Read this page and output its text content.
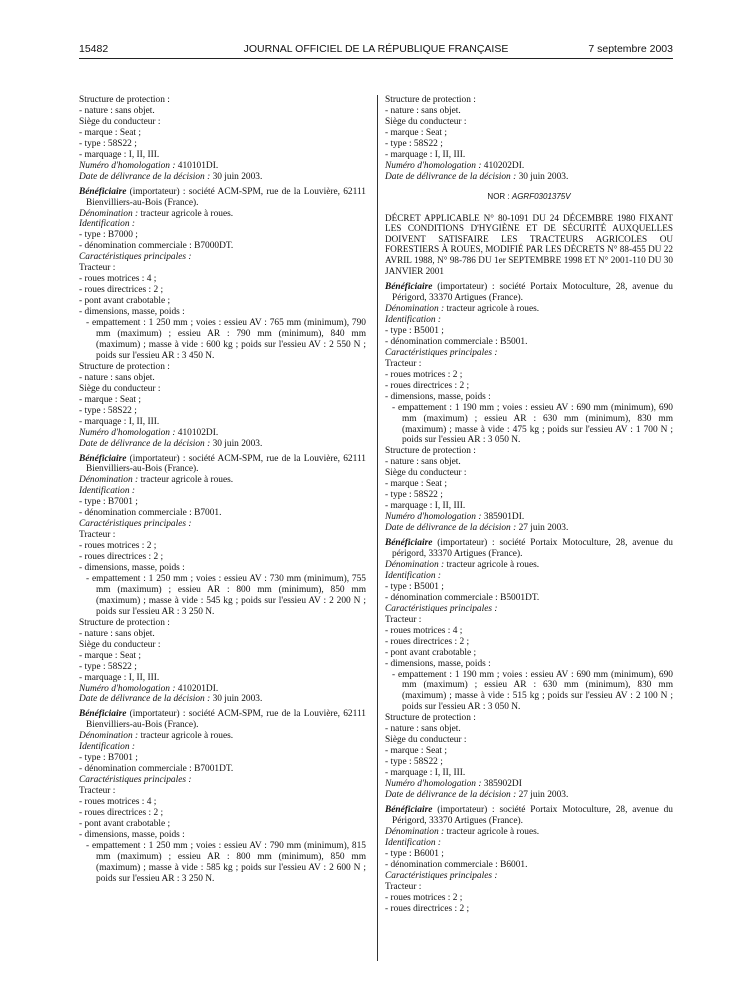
15482	JOURNAL OFFICIEL DE LA RÉPUBLIQUE FRANÇAISE	7 septembre 2003
Structure de protection :
- nature : sans objet.
Siège du conducteur :
- marque : Seat ;
- type : 58S22 ;
- marquage : I, II, III.
Numéro d'homologation : 410101DI.
Date de délivrance de la décision : 30 juin 2003.
Bénéficiaire (importateur) : société ACM-SPM, rue de la Louvière, 62111 Bienvilliers-au-Bois (France).
Dénomination : tracteur agricole à roues.
Identification :
- type : B7000 ;
- dénomination commerciale : B7000DT.
Caractéristiques principales :
Tracteur :
- roues motrices : 4 ;
- roues directrices : 2 ;
- pont avant crabotable ;
- dimensions, masse, poids :
- empattement : 1 250 mm ; voies : essieu AV : 765 mm (minimum), 790 mm (maximum) ; essieu AR : 790 mm (minimum), 840 mm (maximum) ; masse à vide : 600 kg ; poids sur l'essieu AV : 2 550 N ; poids sur l'essieu AR : 3 450 N.
Structure de protection :
- nature : sans objet.
Siège du conducteur :
- marque : Seat ;
- type : 58S22 ;
- marquage : I, II, III.
Numéro d'homologation : 410102DI.
Date de délivrance de la décision : 30 juin 2003.
Bénéficiaire (importateur) : société ACM-SPM, rue de la Louvière, 62111 Bienvilliers-au-Bois (France).
Dénomination : tracteur agricole à roues.
Identification :
- type : B7001 ;
- dénomination commerciale : B7001.
Caractéristiques principales :
Tracteur :
- roues motrices : 2 ;
- roues directrices : 2 ;
- dimensions, masse, poids :
- empattement : 1 250 mm ; voies : essieu AV : 730 mm (minimum), 755 mm (maximum) ; essieu AR : 800 mm (minimum), 850 mm (maximum) ; masse à vide : 545 kg ; poids sur l'essieu AV : 2 200 N ; poids sur l'essieu AR : 3 250 N.
Structure de protection :
- nature : sans objet.
Siège du conducteur :
- marque : Seat ;
- type : 58S22 ;
- marquage : I, II, III.
Numéro d'homologation : 410201DI.
Date de délivrance de la décision : 30 juin 2003.
Bénéficiaire (importateur) : société ACM-SPM, rue de la Louvière, 62111 Bienvilliers-au-Bois (France).
Dénomination : tracteur agricole à roues.
Identification :
- type : B7001 ;
- dénomination commerciale : B7001DT.
Caractéristiques principales :
Tracteur :
- roues motrices : 4 ;
- roues directrices : 2 ;
- pont avant crabotable ;
- dimensions, masse, poids :
- empattement : 1 250 mm ; voies : essieu AV : 790 mm (minimum), 815 mm (maximum) ; essieu AR : 800 mm (minimum), 850 mm (maximum) ; masse à vide : 585 kg ; poids sur l'essieu AV : 2 600 N ; poids sur l'essieu AR : 3 250 N.
Structure de protection :
- nature : sans objet.
Siège du conducteur :
- marque : Seat ;
- type : 58S22 ;
- marquage : I, II, III.
Numéro d'homologation : 410202DI.
Date de délivrance de la décision : 30 juin 2003.
NOR : AGRF0301375V
DÉCRET APPLICABLE N° 80-1091 DU 24 DÉCEMBRE 1980 FIXANT LES CONDITIONS D'HYGIÈNE ET DE SÉCURITÉ AUXQUELLES DOIVENT SATISFAIRE LES TRACTEURS AGRICOLES OU FORESTIERS À ROUES, MODIFIÉ PAR LES DÉCRETS N° 88-455 DU 22 AVRIL 1988, N° 98-786 DU 1er SEPTEMBRE 1998 ET N° 2001-110 DU 30 JANVIER 2001
Bénéficiaire (importateur) : société Portaix Motoculture, 28, avenue du Périgord, 33370 Artigues (France).
Dénomination : tracteur agricole à roues.
Identification :
- type : B5001 ;
- dénomination commerciale : B5001.
Caractéristiques principales :
Tracteur :
- roues motrices : 2 ;
- roues directrices : 2 ;
- dimensions, masse, poids :
- empattement : 1 190 mm ; voies : essieu AV : 690 mm (minimum), 690 mm (maximum) ; essieu AR : 630 mm (minimum), 830 mm (maximum) ; masse à vide : 475 kg ; poids sur l'essieu AV : 1 700 N ; poids sur l'essieu AR : 3 050 N.
Structure de protection :
- nature : sans objet.
Siège du conducteur :
- marque : Seat ;
- type : 58S22 ;
- marquage : I, II, III.
Numéro d'homologation : 385901DI.
Date de délivrance de la décision : 27 juin 2003.
Bénéficiaire (importateur) : société Portaix Motoculture, 28, avenue du périgord, 33370 Artigues (France).
Dénomination : tracteur agricole à roues.
Identification :
- type : B5001 ;
- dénomination commerciale : B5001DT.
Caractéristiques principales :
Tracteur :
- roues motrices : 4 ;
- roues directrices : 2 ;
- pont avant crabotable ;
- dimensions, masse, poids :
- empattement : 1 190 mm ; voies : essieu AV : 690 mm (minimum), 690 mm (maximum) ; essieu AR : 630 mm (minimum), 830 mm (maximum) ; masse à vide : 515 kg ; poids sur l'essieu AV : 2 100 N ; poids sur l'essieu AR : 3 050 N.
Structure de protection :
- nature : sans objet.
Siège du conducteur :
- marque : Seat ;
- type : 58S22 ;
- marquage : I, II, III.
Numéro d'homologation : 385902DI
Date de délivrance de la décision : 27 juin 2003.
Bénéficiaire (importateur) : société Portaix Motoculture, 28, avenue du Périgord, 33370 Artigues (France).
Dénomination : tracteur agricole à roues.
Identification :
- type : B6001 ;
- dénomination commerciale : B6001.
Caractéristiques principales :
Tracteur :
- roues motrices : 2 ;
- roues directrices : 2 ;
